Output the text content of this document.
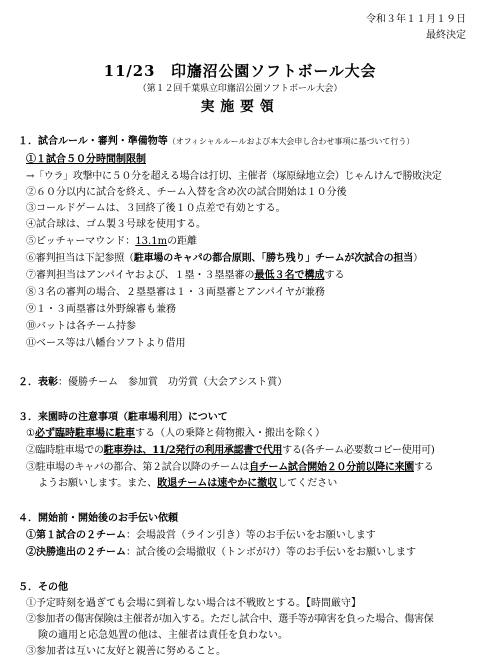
令和３年１１月１９日
最終決定
11/23　印旛沼公園ソフトボール大会
（第１２回千葉県立印旛沼公園ソフトボール大会）
実施要領
１．試合ルール・審判・準備物等（オフィシャルルールおよび本大会申し合わせ事項に基づいて行う）
①１試合５０分時間制限制
→「ウラ」攻撃中に５０分を超える場合は打切、主催者（塚原緑地立会）じゃんけんで勝敗決定
②６０分以内に試合を終え、チーム入替を含め次の試合開始は１０分後
③コールドゲームは、３回終了後１０点差で有効とする。
④試合球は、ゴム製３号球を使用する。
⑤ピッチャーマウンド：13.1mの距離
⑥審判担当は下記参照（駐車場のキャパの都合原則、「勝ち残り」チームが次試合の担当）
⑦審判担当はアンパイヤおよび、１塁・３塁塁審の最低３名で構成する
⑧３名の審判の場合、２塁塁審は１・３両塁審とアンパイヤが兼務
⑨１・３両塁審は外野線審も兼務
⑩バットは各チーム持参
⑪ベース等は八幡台ソフトより借用
２．表彰：優勝チーム　参加賞　功労賞（大会アシスト賞）
３．来園時の注意事項（駐車場利用）について
①必ず臨時駐車場に駐車する（人の乗降と荷物搬入・搬出を除く）
②臨時駐車場での駐車券は、11/2発行の利用承認書で代用する(各チーム必要数コピー使用可)
③駐車場のキャパの都合、第２試合以降のチームは自チーム試合開始２０分前以降に来園する
ようお願いします。また、敗退チームは速やかに撤収してください
４．開始前・開始後のお手伝い依頼
①第１試合の２チーム：会場設営（ライン引き）等のお手伝いをお願いします
②決勝進出の２チーム：試合後の会場撤収（トンボがけ）等のお手伝いをお願いします
５．その他
①予定時刻を過ぎても会場に到着しない場合は不戦敗とする。【時間厳守】
②参加者の傷害保険は主催者が加入する。ただし試合中、選手等が障害を負った場合、傷害保
険の適用と応急処置の他は、主催者は責任を負わない。
③参加者は互いに友好と親善に努めること。
